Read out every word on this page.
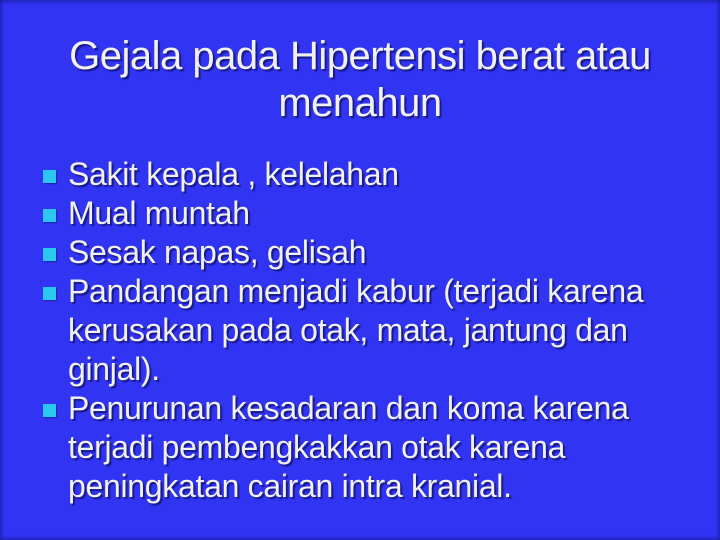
Gejala pada Hipertensi berat atau menahun
Sakit kepala , kelelahan
Mual muntah
Sesak napas, gelisah
Pandangan menjadi kabur (terjadi karena kerusakan pada otak, mata, jantung dan ginjal).
Penurunan kesadaran dan koma karena terjadi pembengkakkan otak karena peningkatan cairan intra kranial.
